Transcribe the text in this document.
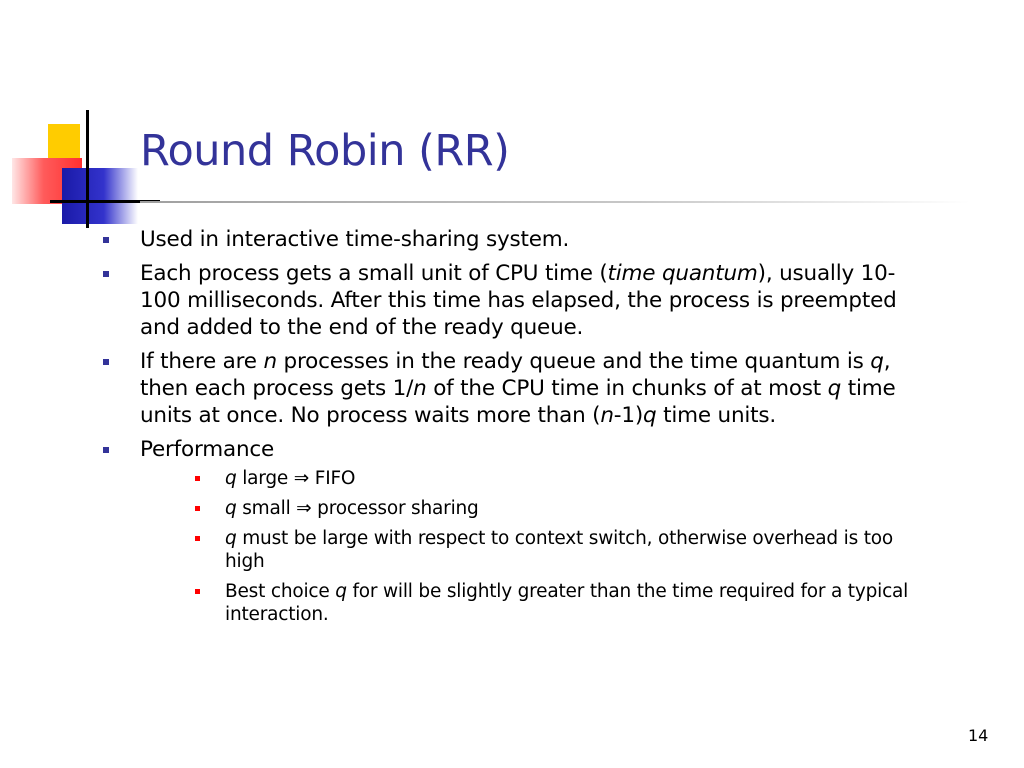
Round Robin (RR)
Used in interactive time-sharing system.
Each process gets a small unit of CPU time (time quantum), usually 10-100 milliseconds. After this time has elapsed, the process is preempted and added to the end of the ready queue.
If there are n processes in the ready queue and the time quantum is q, then each process gets 1/n of the CPU time in chunks of at most q time units at once. No process waits more than (n-1)q time units.
Performance
q large ⇒ FIFO
q small ⇒ processor sharing
q must be large with respect to context switch, otherwise overhead is too high
Best choice q for will be slightly greater than the time required for a typical interaction.
14
